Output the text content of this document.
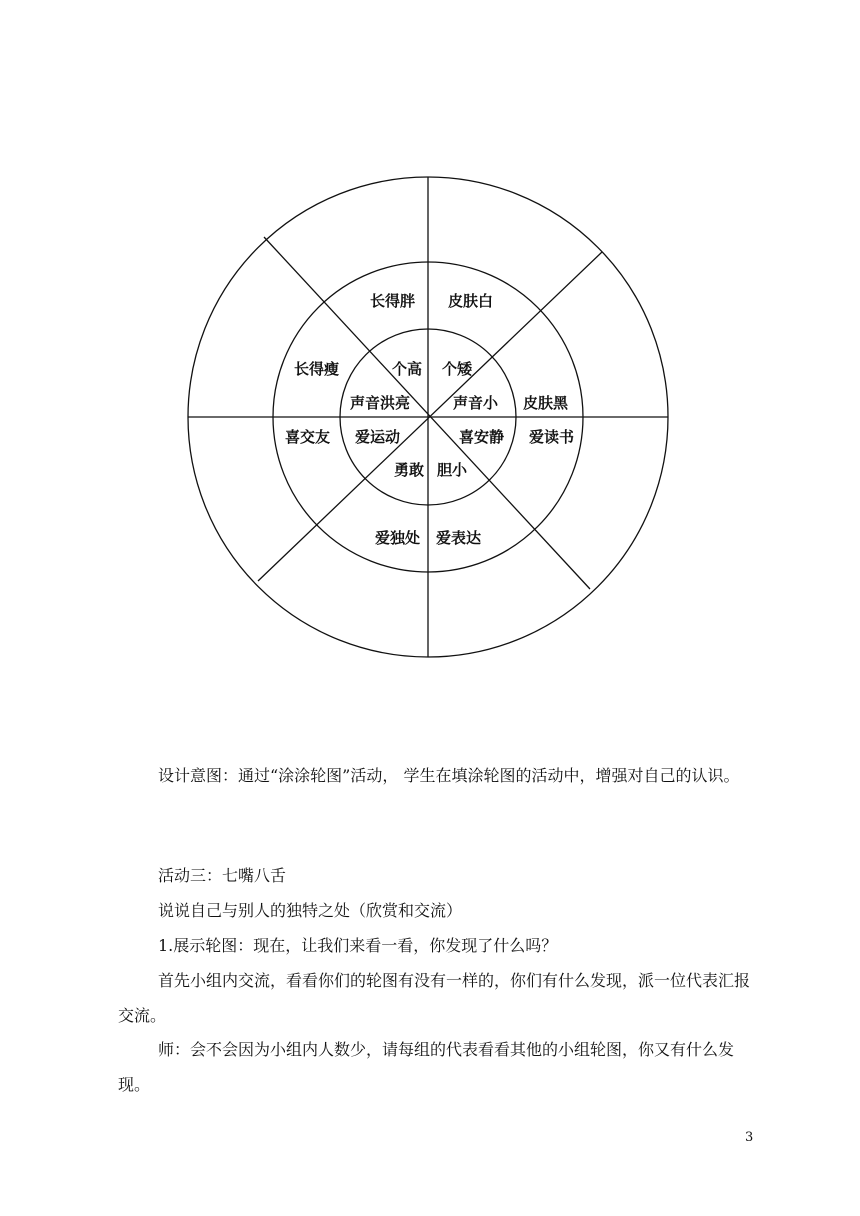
长得胖 皮肤白
长得瘦	个高 个矮
声音洪亮	声音小 皮肤黑
喜交友 爱运动	喜安静 爱读书
勇敢 胆小
爱独处 爱表达

设计意图：通过“涂涂轮图”活动， 学生在填涂轮图的活动中，增强对自己的认识。

活动三：七嘴八舌

说说自己与别人的独特之处（欣赏和交流）

1.展示轮图：现在，让我们来看一看，你发现了什么吗？

首先小组内交流，看看你们的轮图有没有一样的，你们有什么发现，派一位代表汇报交流。

师：会不会因为小组内人数少，请每组的代表看看其他的小组轮图，你又有什么发现。

3
